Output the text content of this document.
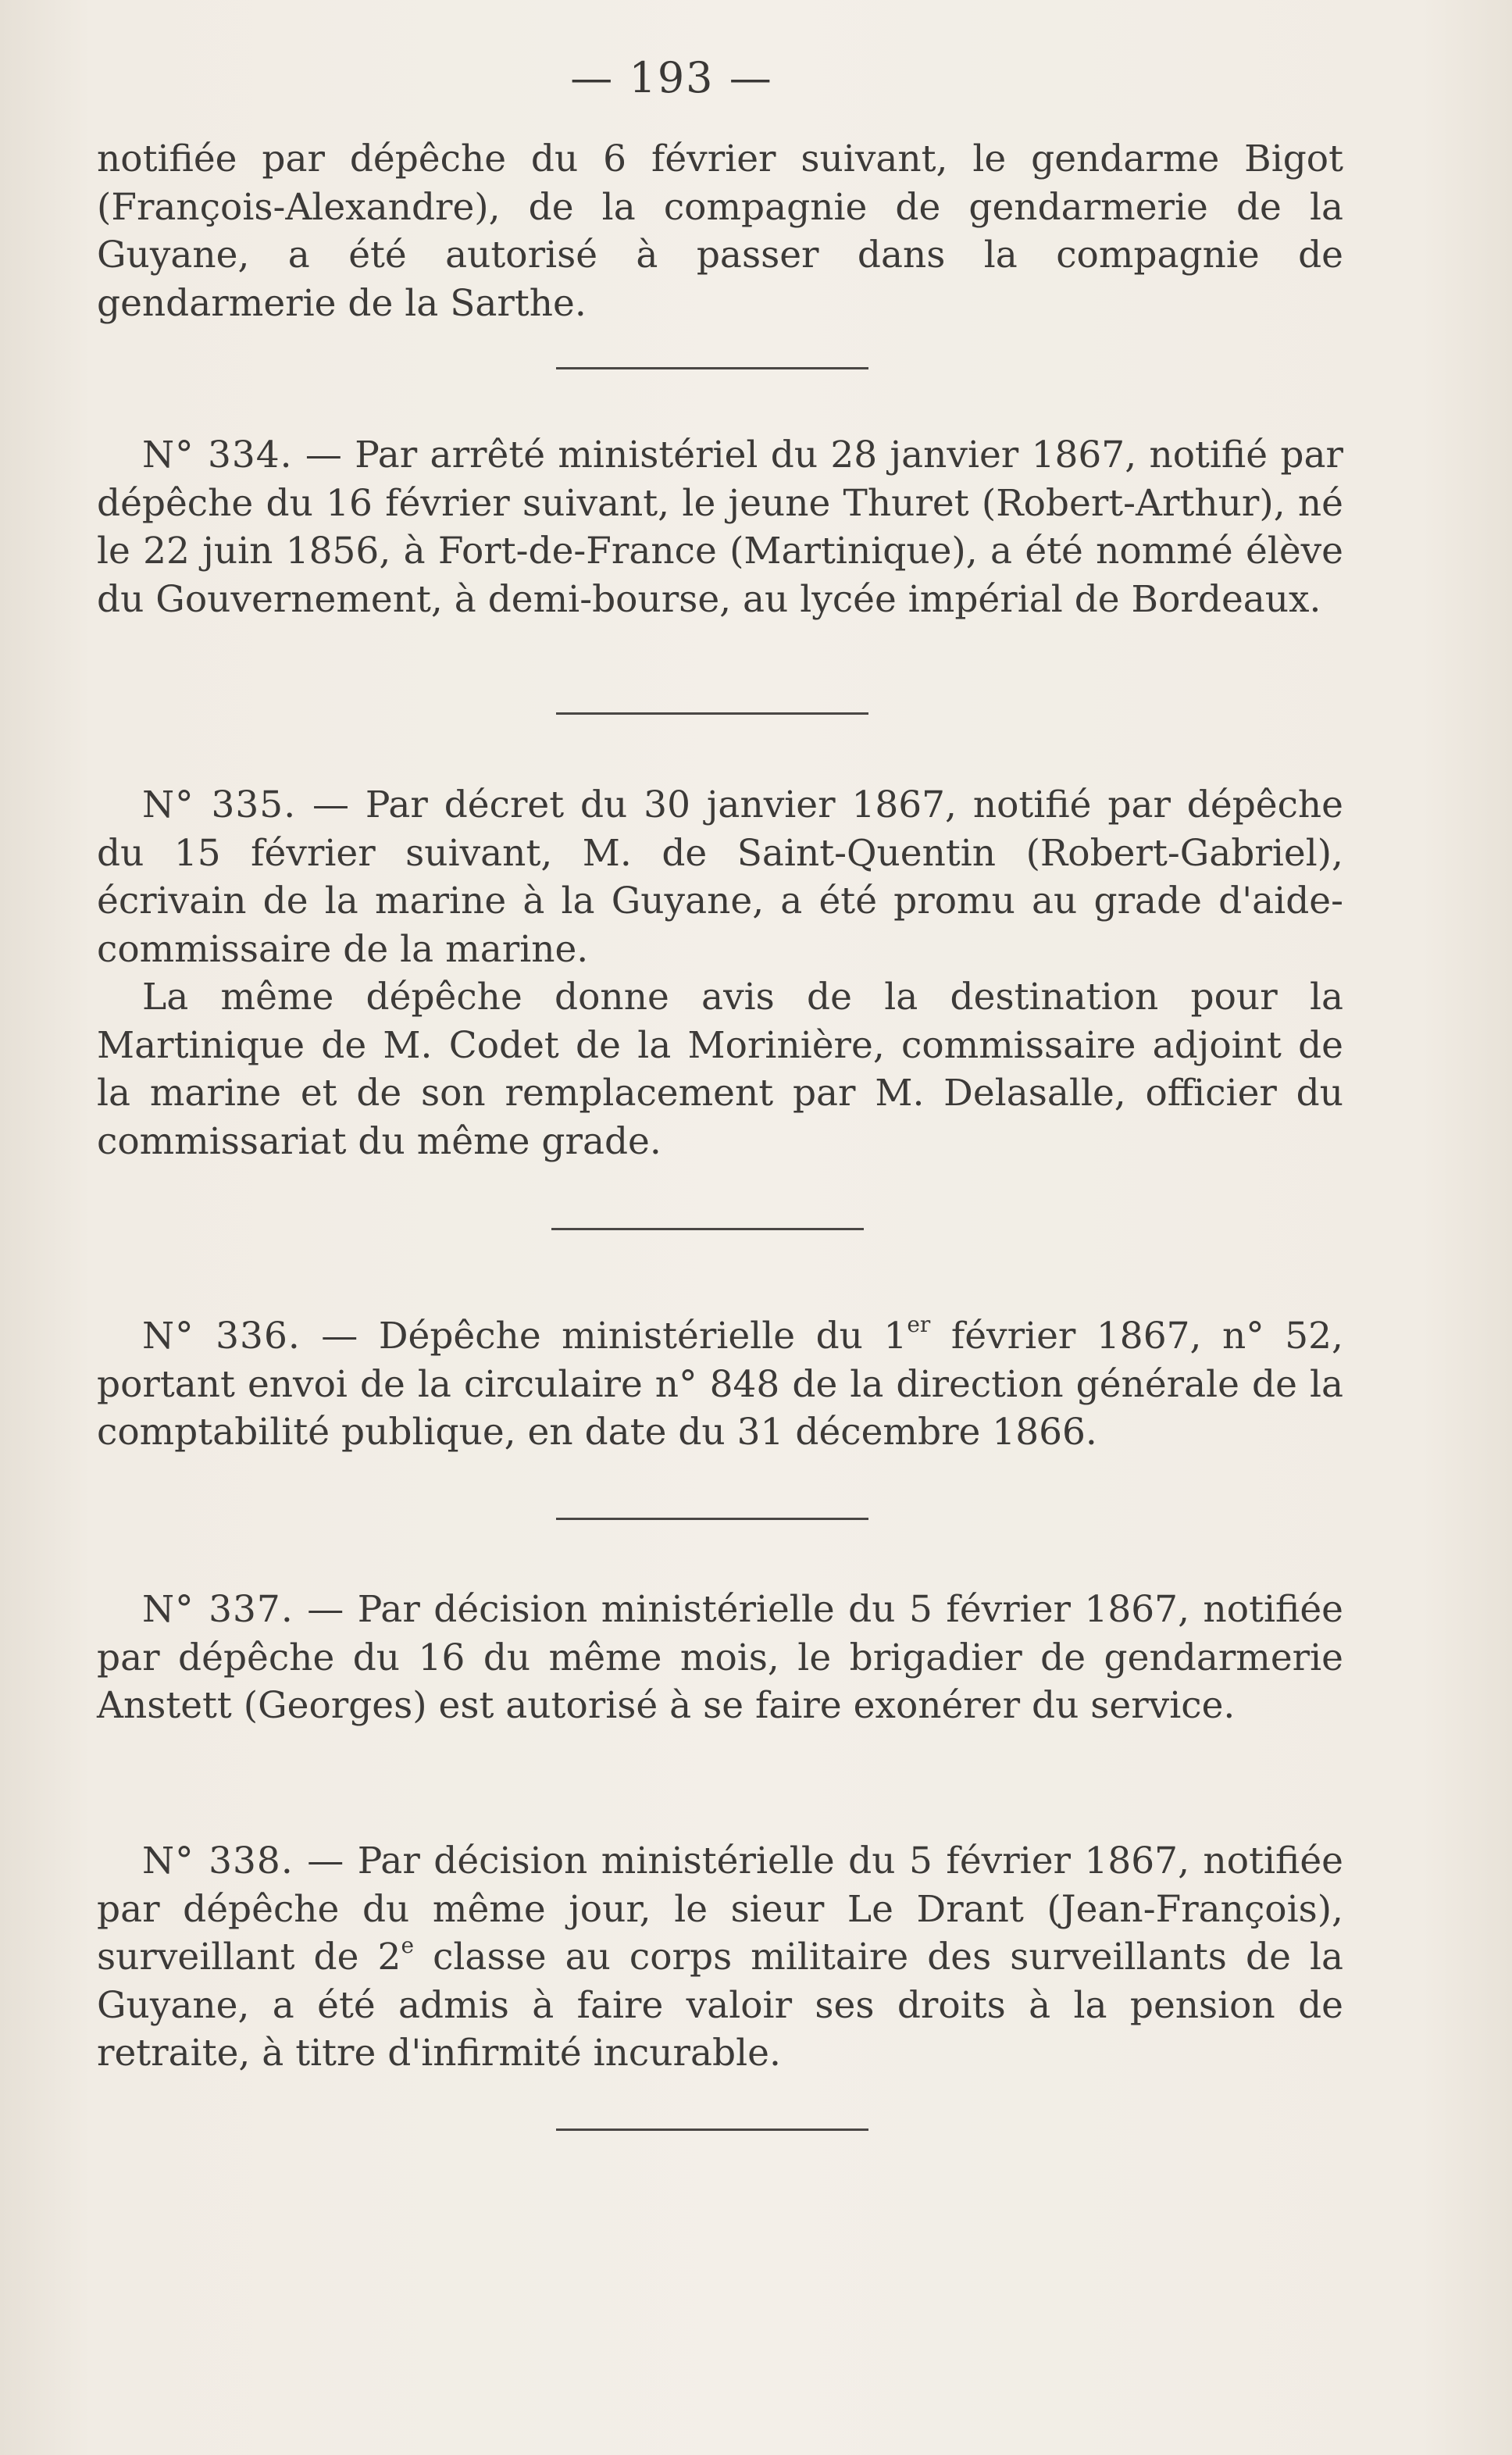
— 193 —

notifiée par dépêche du 6 février suivant, le gendarme Bigot (François-Alexandre), de la compagnie de gendarmerie de la Guyane, a été autorisé à passer dans la compagnie de gendarmerie de la Sarthe.

N° 334. — Par arrêté ministériel du 28 janvier 1867, notifié par dépêche du 16 février suivant, le jeune Thuret (Robert-Arthur), né le 22 juin 1856, à Fort-de-France (Martinique), a été nommé élève du Gouvernement, à demi-bourse, au lycée impérial de Bordeaux.

N° 335. — Par décret du 30 janvier 1867, notifié par dépêche du 15 février suivant, M. de Saint-Quentin (Robert-Gabriel), écrivain de la marine à la Guyane, a été promu au grade d'aide-commissaire de la marine.

La même dépêche donne avis de la destination pour la Martinique de M. Codet de la Morinière, commissaire adjoint de la marine et de son remplacement par M. Delasalle, officier du commissariat du même grade.

N° 336. — Dépêche ministérielle du 1er février 1867, n° 52, portant envoi de la circulaire n° 848 de la direction générale de la comptabilité publique, en date du 31 décembre 1866.

N° 337. — Par décision ministérielle du 5 février 1867, notifiée par dépêche du 16 du même mois, le brigadier de gendarmerie Anstett (Georges) est autorisé à se faire exonérer du service.

N° 338. — Par décision ministérielle du 5 février 1867, notifiée par dépêche du même jour, le sieur Le Drant (Jean-François), surveillant de 2e classe au corps militaire des surveillants de la Guyane, a été admis à faire valoir ses droits à la pension de retraite, à titre d'infirmité incurable.
